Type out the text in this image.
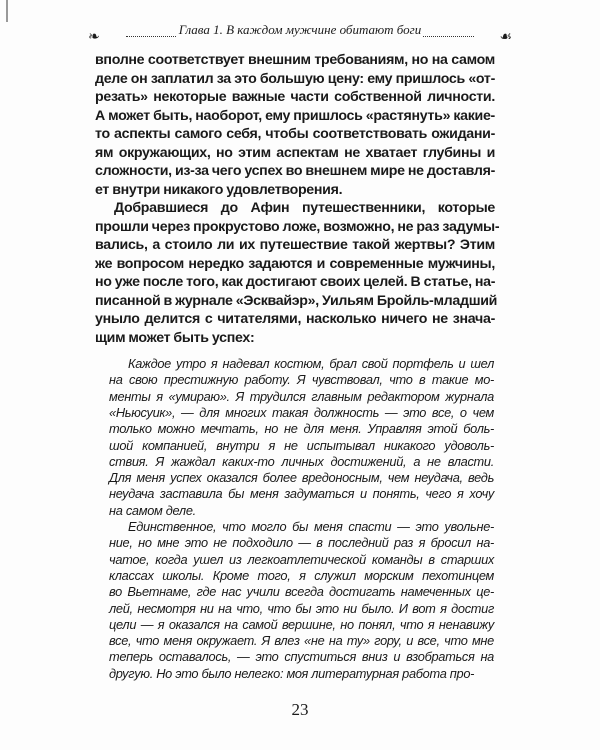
❧	Глава 1. В каждом мужчине обитают боги	☙
вполне соответствует внешним требованиям, но на самом
деле он заплатил за это большую цену: ему пришлось «от-
резать» некоторые важные части собственной личности.
А может быть, наоборот, ему пришлось «растянуть» какие-
то аспекты самого себя, чтобы соответствовать ожидани-
ям окружающих, но этим аспектам не хватает глубины и
сложности, из-за чего успех во внешнем мире не доставля-
ет внутри никакого удовлетворения.
Добравшиеся до Афин путешественники, которые
прошли через прокрустово ложе, возможно, не раз задумы-
вались, а стоило ли их путешествие такой жертвы? Этим
же вопросом нередко задаются и современные мужчины,
но уже после того, как достигают своих целей. В статье, на-
писанной в журнале «Эсквайэр», Уильям Бройль-младший
уныло делится с читателями, насколько ничего не знача-
щим может быть успех:
Каждое утро я надевал костюм, брал свой портфель и шел
на свою престижную работу. Я чувствовал, что в такие мо-
менты я «умираю». Я трудился главным редактором журнала
«Ньюсуик», — для многих такая должность — это все, о чем
только можно мечтать, но не для меня. Управляя этой боль-
шой компанией, внутри я не испытывал никакого удоволь-
ствия. Я жаждал каких-то личных достижений, а не власти.
Для меня успех оказался более вредоносным, чем неудача, ведь
неудача заставила бы меня задуматься и понять, чего я хочу
на самом деле.
Единственное, что могло бы меня спасти — это увольне-
ние, но мне это не подходило — в последний раз я бросил на-
чатое, когда ушел из легкоатлетической команды в старших
классах школы. Кроме того, я служил морским пехотинцем
во Вьетнаме, где нас учили всегда достигать намеченных це-
лей, несмотря ни на что, что бы это ни было. И вот я достиг
цели — я оказался на самой вершине, но понял, что я ненавижу
все, что меня окружает. Я влез «не на ту» гору, и все, что мне
теперь оставалось, — это спуститься вниз и взобраться на
другую. Но это было нелегко: моя литературная работа про-
23
